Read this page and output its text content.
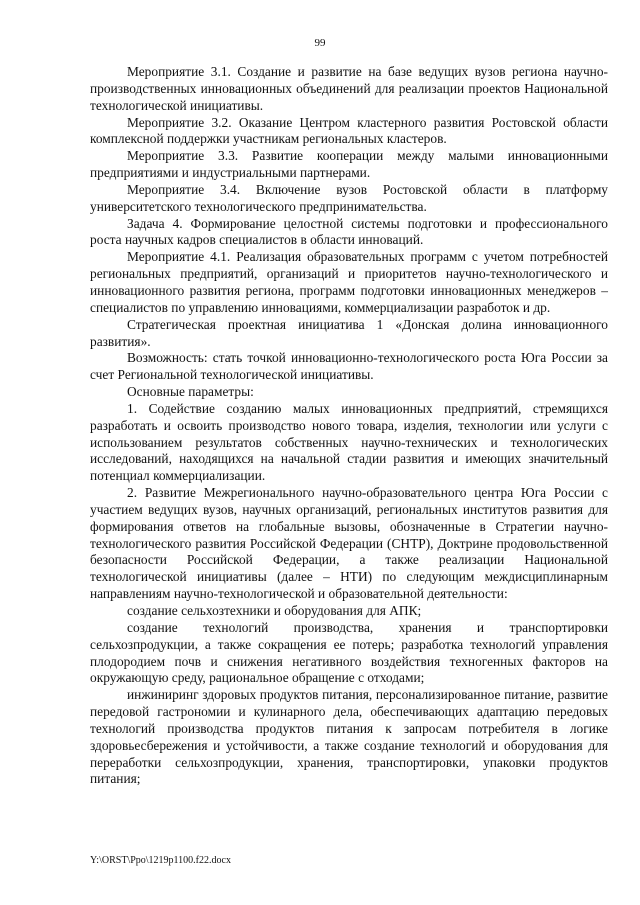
99

Мероприятие 3.1. Создание и развитие на базе ведущих вузов региона научно-производственных инновационных объединений для реализации проектов Национальной технологической инициативы.

Мероприятие 3.2. Оказание Центром кластерного развития Ростовской области комплексной поддержки участникам региональных кластеров.

Мероприятие 3.3. Развитие кооперации между малыми инновационными предприятиями и индустриальными партнерами.

Мероприятие 3.4. Включение вузов Ростовской области в платформу университетского технологического предпринимательства.

Задача 4. Формирование целостной системы подготовки и профессионального роста научных кадров специалистов в области инноваций.

Мероприятие 4.1. Реализация образовательных программ с учетом потребностей региональных предприятий, организаций и приоритетов научно-технологического и инновационного развития региона, программ подготовки инновационных менеджеров – специалистов по управлению инновациями, коммерциализации разработок и др.

Стратегическая проектная инициатива 1 «Донская долина инновационного развития».

Возможность: стать точкой инновационно-технологического роста Юга России за счет Региональной технологической инициативы.

Основные параметры:

1. Содействие созданию малых инновационных предприятий, стремящихся разработать и освоить производство нового товара, изделия, технологии или услуги с использованием результатов собственных научно-технических и технологических исследований, находящихся на начальной стадии развития и имеющих значительный потенциал коммерциализации.

2. Развитие Межрегионального научно-образовательного центра Юга России с участием ведущих вузов, научных организаций, региональных институтов развития для формирования ответов на глобальные вызовы, обозначенные в Стратегии научно-технологического развития Российской Федерации (СНТР), Доктрине продовольственной безопасности Российской Федерации, а также реализации Национальной технологической инициативы (далее – НТИ) по следующим междисциплинарным направлениям научно-технологической и образовательной деятельности:

создание сельхозтехники и оборудования для АПК;

создание технологий производства, хранения и транспортировки сельхозпродукции, а также сокращения ее потерь; разработка технологий управления плодородием почв и снижения негативного воздействия техногенных факторов на окружающую среду, рациональное обращение с отходами;

инжиниринг здоровых продуктов питания, персонализированное питание, развитие передовой гастрономии и кулинарного дела, обеспечивающих адаптацию передовых технологий производства продуктов питания к запросам потребителя в логике здоровьесбережения и устойчивости, а также создание технологий и оборудования для переработки сельхозпродукции, хранения, транспортировки, упаковки продуктов питания;

Y:\ORST\Ppo\1219p1100.f22.docx
